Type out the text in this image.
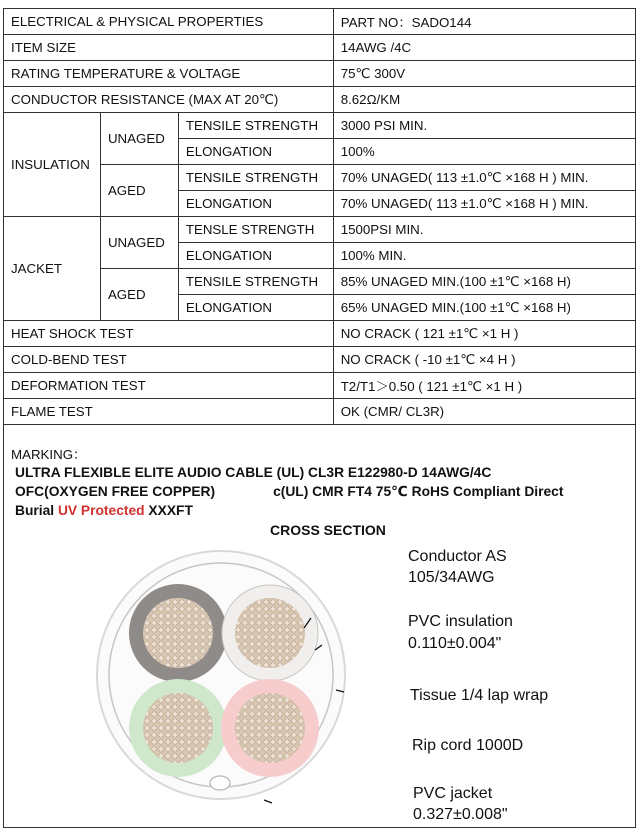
ELECTRICAL & PHYSICAL PROPERTIES			PART NO：SADO144
ITEM SIZE			14AWG /4C
RATING TEMPERATURE & VOLTAGE			75℃ 300V
CONDUCTOR RESISTANCE (MAX AT 20℃)			8.62Ω/KM
INSULATION	UNAGED	TENSILE STRENGTH	3000 PSI MIN.
		ELONGATION	100%
	AGED	TENSILE STRENGTH	70% UNAGED( 113 ±1.0℃ ×168 H ) MIN.
		ELONGATION	70% UNAGED( 113 ±1.0℃ ×168 H ) MIN.
JACKET	UNAGED	TENSLE STRENGTH	1500PSI MIN.
		ELONGATION	100% MIN.
	AGED	TENSILE STRENGTH	85% UNAGED MIN.(100 ±1℃ ×168 H)
		ELONGATION	65% UNAGED MIN.(100 ±1℃ ×168 H)
HEAT SHOCK TEST			NO CRACK ( 121 ±1℃ ×1 H )
COLD-BEND TEST			NO CRACK ( -10 ±1℃ ×4 H )
DEFORMATION TEST			T2/T1＞0.50 ( 121 ±1℃ ×1 H )
FLAME TEST			OK (CMR/ CL3R)
MARKING：
ULTRA FLEXIBLE ELITE AUDIO CABLE (UL) CL3R E122980-D 14AWG/4C
OFC(OXYGEN FREE COPPER)	c(UL) CMR FT4 75℃ RoHS Compliant Direct
Burial UV Protected XXXFT
CROSS SECTION
Conductor AS
105/34AWG
PVC insulation
0.110±0.004"
Tissue 1/4 lap wrap
Rip cord 1000D
PVC jacket
0.327±0.008"
